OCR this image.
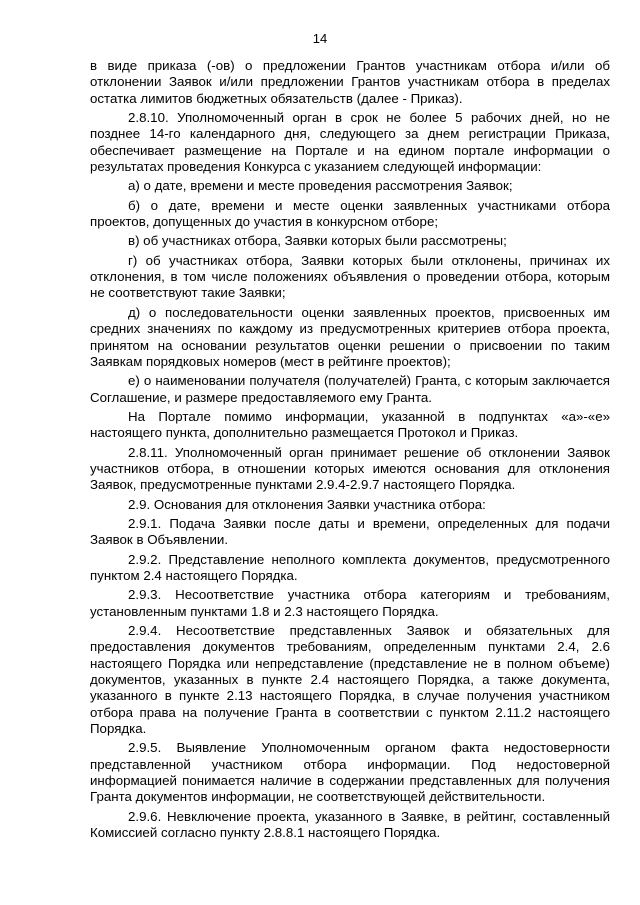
14

в виде приказа (-ов) о предложении Грантов участникам отбора и/или об отклонении Заявок и/или предложении Грантов участникам отбора в пределах остатка лимитов бюджетных обязательств (далее - Приказ).

2.8.10. Уполномоченный орган в срок не более 5 рабочих дней, но не позднее 14-го календарного дня, следующего за днем регистрации Приказа, обеспечивает размещение на Портале и на едином портале информации о результатах проведения Конкурса с указанием следующей информации:

а) о дате, времени и месте проведения рассмотрения Заявок;

б) о дате, времени и месте оценки заявленных участниками отбора проектов, допущенных до участия в конкурсном отборе;

в) об участниках отбора, Заявки которых были рассмотрены;

г) об участниках отбора, Заявки которых были отклонены, причинах их отклонения, в том числе положениях объявления о проведении отбора, которым не соответствуют такие Заявки;

д) о последовательности оценки заявленных проектов, присвоенных им средних значениях по каждому из предусмотренных критериев отбора проекта, принятом на основании результатов оценки решении о присвоении по таким Заявкам порядковых номеров (мест в рейтинге проектов);

е) о наименовании получателя (получателей) Гранта, с которым заключается Соглашение, и размере предоставляемого ему Гранта.

На Портале помимо информации, указанной в подпунктах «а»-«е» настоящего пункта, дополнительно размещается Протокол и Приказ.

2.8.11. Уполномоченный орган принимает решение об отклонении Заявок участников отбора, в отношении которых имеются основания для отклонения Заявок, предусмотренные пунктами 2.9.4-2.9.7 настоящего Порядка.

2.9. Основания для отклонения Заявки участника отбора:

2.9.1. Подача Заявки после даты и времени, определенных для подачи Заявок в Объявлении.

2.9.2. Представление неполного комплекта документов, предусмотренного пунктом 2.4 настоящего Порядка.

2.9.3. Несоответствие участника отбора категориям и требованиям, установленным пунктами 1.8 и 2.3 настоящего Порядка.

2.9.4. Несоответствие представленных Заявок и обязательных для предоставления документов требованиям, определенным пунктами 2.4, 2.6 настоящего Порядка или непредставление (представление не в полном объеме) документов, указанных в пункте 2.4 настоящего Порядка, а также документа, указанного в пункте 2.13 настоящего Порядка, в случае получения участником отбора права на получение Гранта в соответствии с пунктом 2.11.2 настоящего Порядка.

2.9.5. Выявление Уполномоченным органом факта недостоверности представленной участником отбора информации. Под недостоверной информацией понимается наличие в содержании представленных для получения Гранта документов информации, не соответствующей действительности.

2.9.6. Невключение проекта, указанного в Заявке, в рейтинг, составленный Комиссией согласно пункту 2.8.8.1 настоящего Порядка.
